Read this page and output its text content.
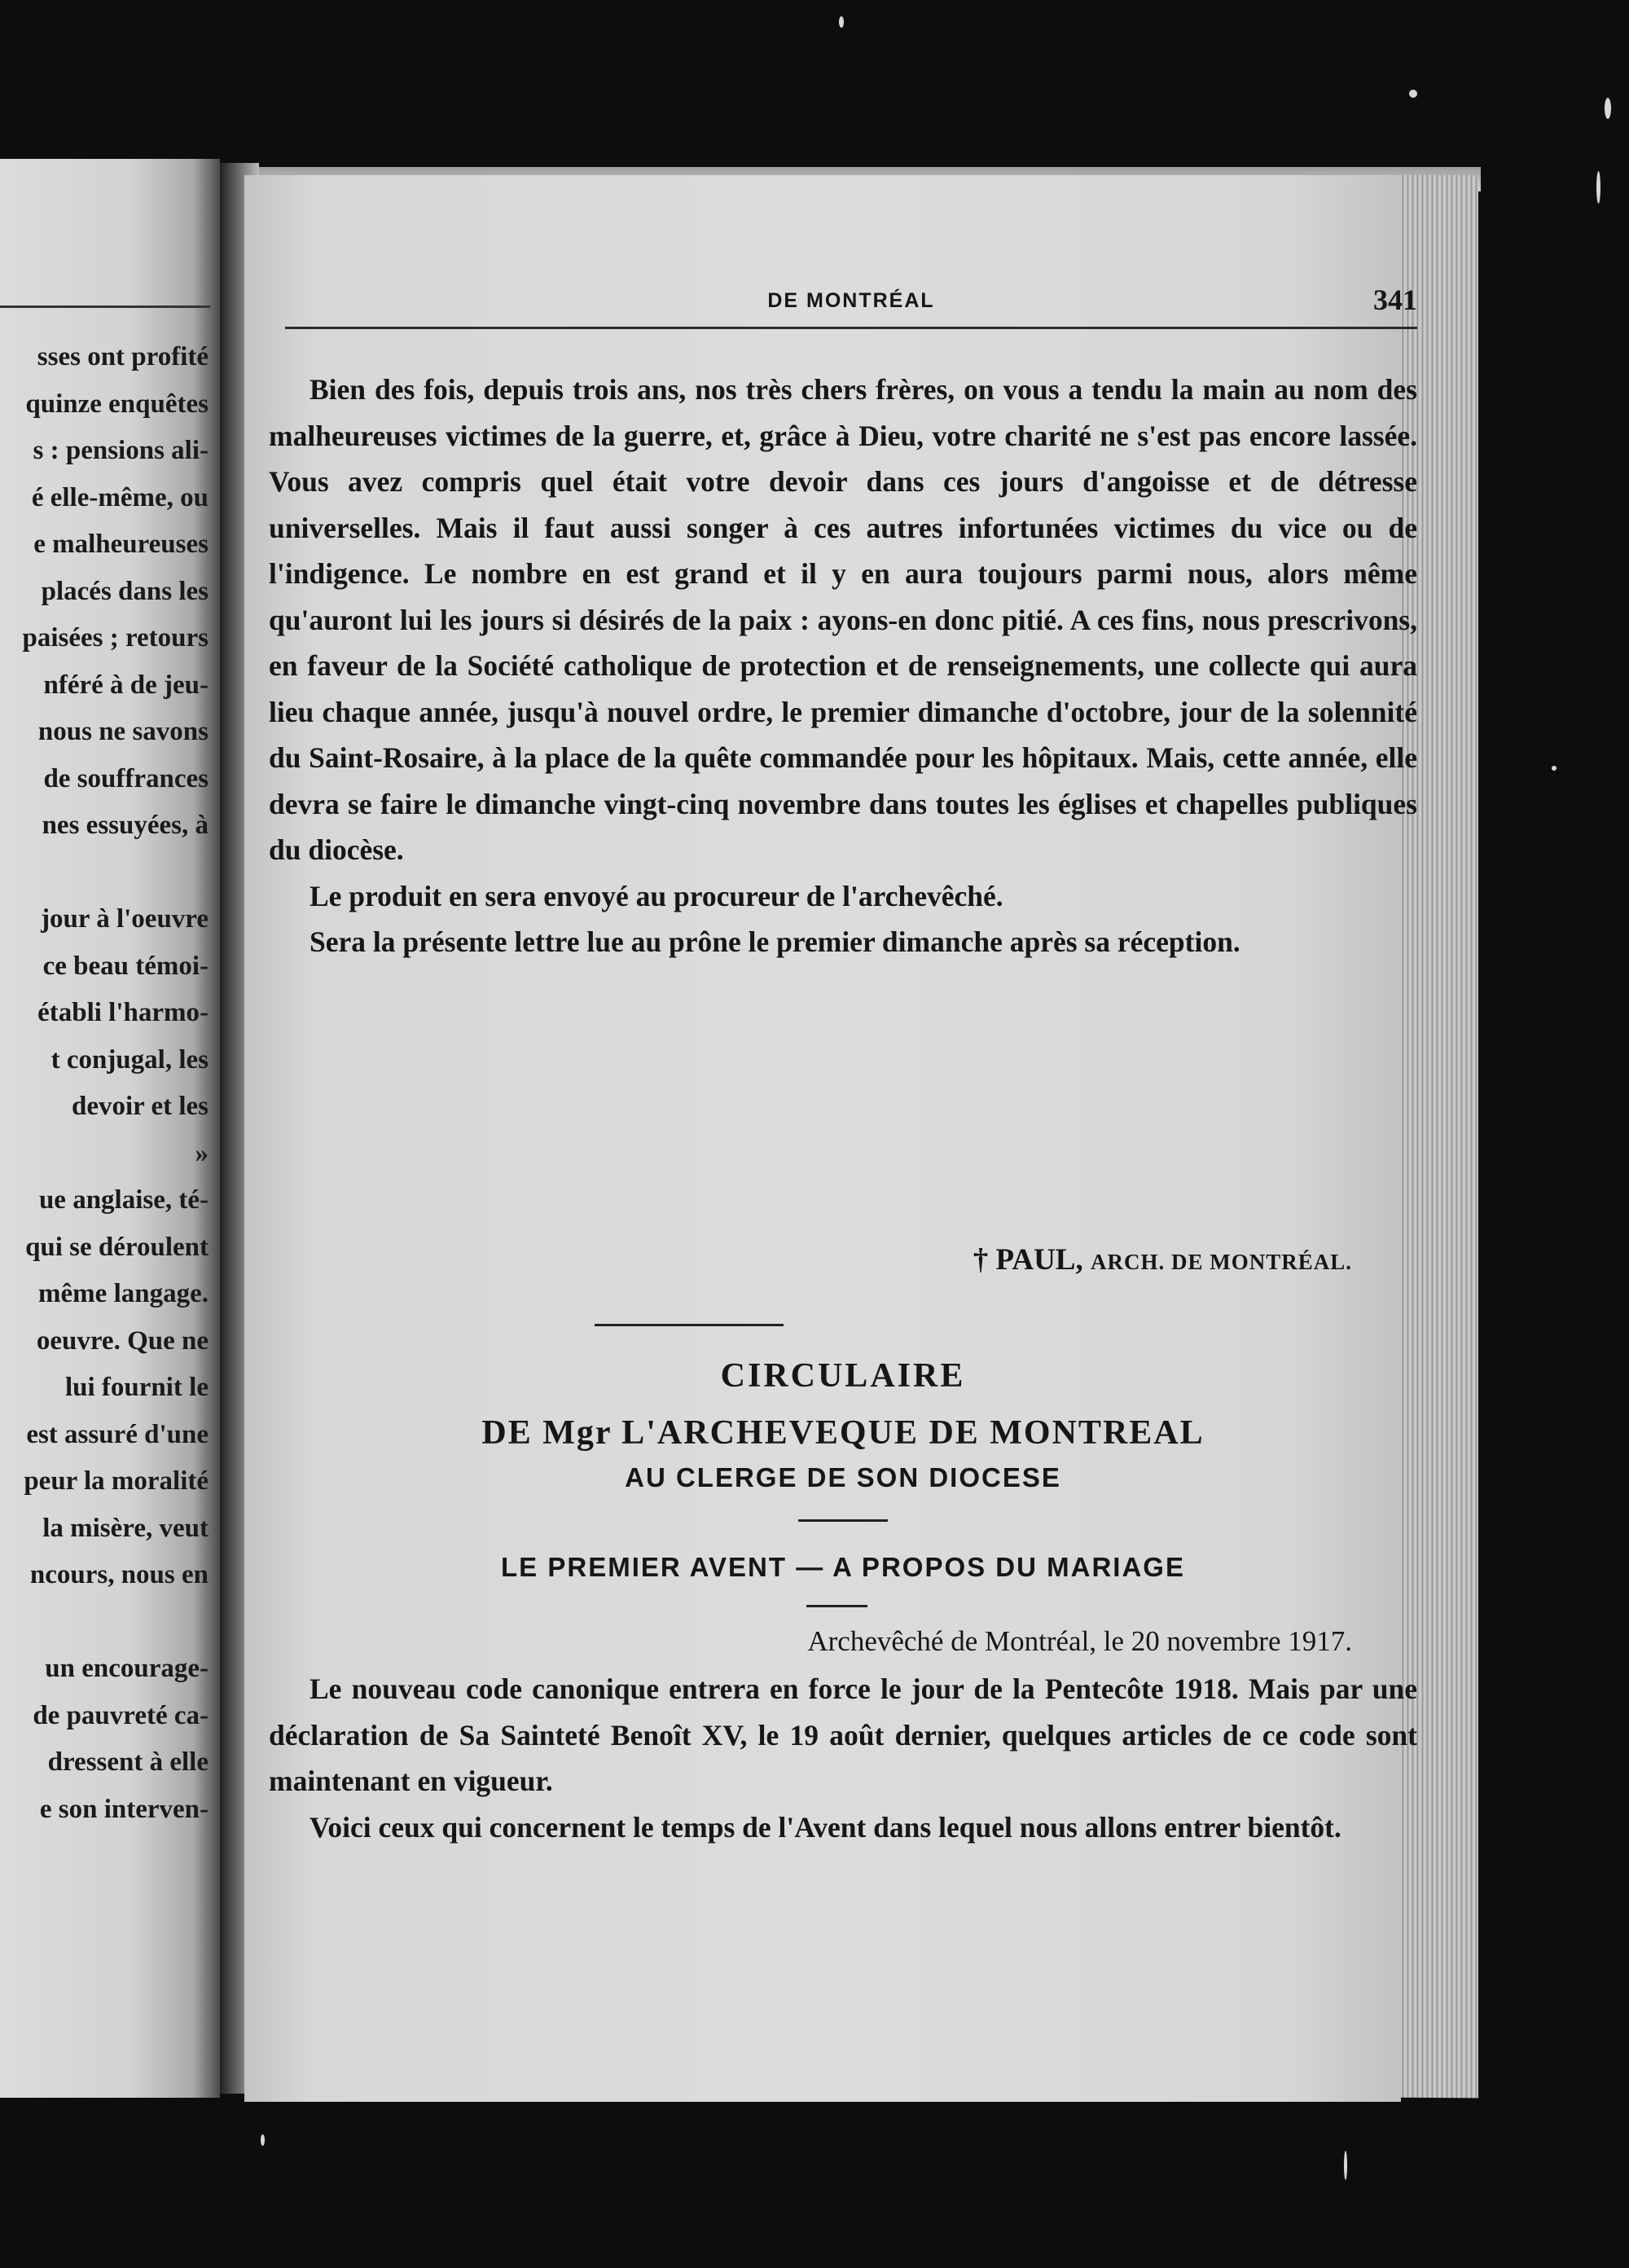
sses ont profité
quinze enquêtes
s : pensions ali-
é elle-même, ou
e malheureuses
placés dans les
paisées ; retours
nféré à de jeu-
nous ne savons
de souffrances
nes essuyées, à
jour à l'oeuvre
ce beau témoi-
établi l'harmo-
t conjugal, les
devoir et les
»
ue anglaise, té-
qui se déroulent
même langage.
oeuvre. Que ne
lui fournit le
est assuré d'une
peur la moralité
la misère, veut
ncours, nous en
un encourage-
de pauvreté ca-
dressent à elle
e son interven-
DE MONTRÉAL	341

Bien des fois, depuis trois ans, nos très chers frères, on vous a tendu la main au nom des malheureuses victimes de la guerre, et, grâce à Dieu, votre charité ne s'est pas encore lassée. Vous avez compris quel était votre devoir dans ces jours d'angoisse et de détresse universelles. Mais il faut aussi songer à ces autres infortunées victimes du vice ou de l'indigence. Le nombre en est grand et il y en aura toujours parmi nous, alors même qu'auront lui les jours si désirés de la paix : ayons-en donc pitié. A ces fins, nous prescrivons, en faveur de la Société catholique de protection et de renseignements, une collecte qui aura lieu chaque année, jusqu'à nouvel ordre, le premier dimanche d'octobre, jour de la solennité du Saint-Rosaire, à la place de la quête commandée pour les hôpitaux. Mais, cette année, elle devra se faire le dimanche vingt-cinq novembre dans toutes les églises et chapelles publiques du diocèse.

Le produit en sera envoyé au procureur de l'archevêché.

Sera la présente lettre lue au prône le premier dimanche après sa réception.

† PAUL, ARCH. DE MONTRÉAL.
CIRCULAIRE
DE Mgr L'ARCHEVEQUE DE MONTREAL
AU CLERGE DE SON DIOCESE
LE PREMIER AVENT — A PROPOS DU MARIAGE
Archevêché de Montréal, le 20 novembre 1917.

Le nouveau code canonique entrera en force le jour de la Pentecôte 1918. Mais par une déclaration de Sa Sainteté Benoît XV, le 19 août dernier, quelques articles de ce code sont maintenant en vigueur.

Voici ceux qui concernent le temps de l'Avent dans lequel nous allons entrer bientôt.
